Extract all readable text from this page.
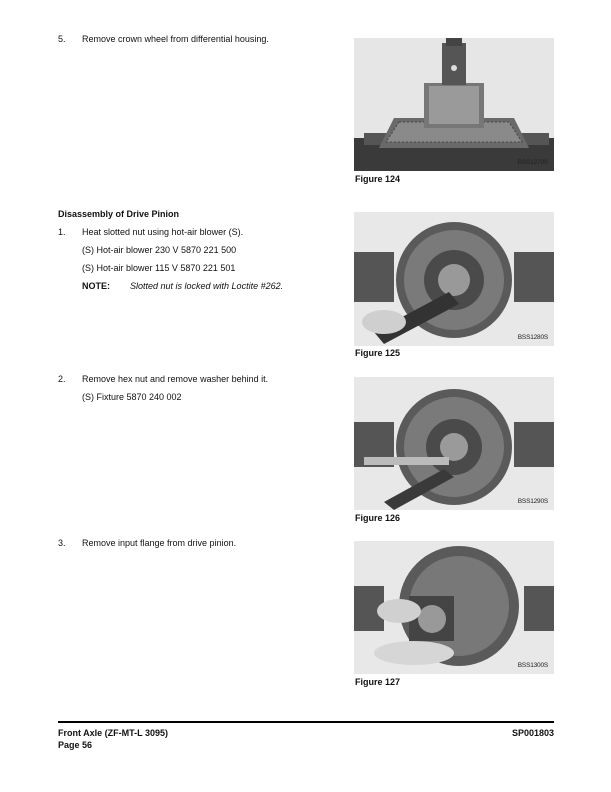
5. Remove crown wheel from differential housing.
BSS1270S
Figure 124
Disassembly of Drive Pinion
1. Heat slotted nut using hot-air blower (S).
(S) Hot-air blower 230 V 5870 221 500
(S) Hot-air blower 115 V 5870 221 501
NOTE: Slotted nut is locked with Loctite #262.
BSS1280S
Figure 125
2. Remove hex nut and remove washer behind it.
(S) Fixture 5870 240 002
BSS1290S
Figure 126
3. Remove input flange from drive pinion.
BSS1300S
Figure 127
Front Axle (ZF-MT-L 3095)
Page 56
SP001803
